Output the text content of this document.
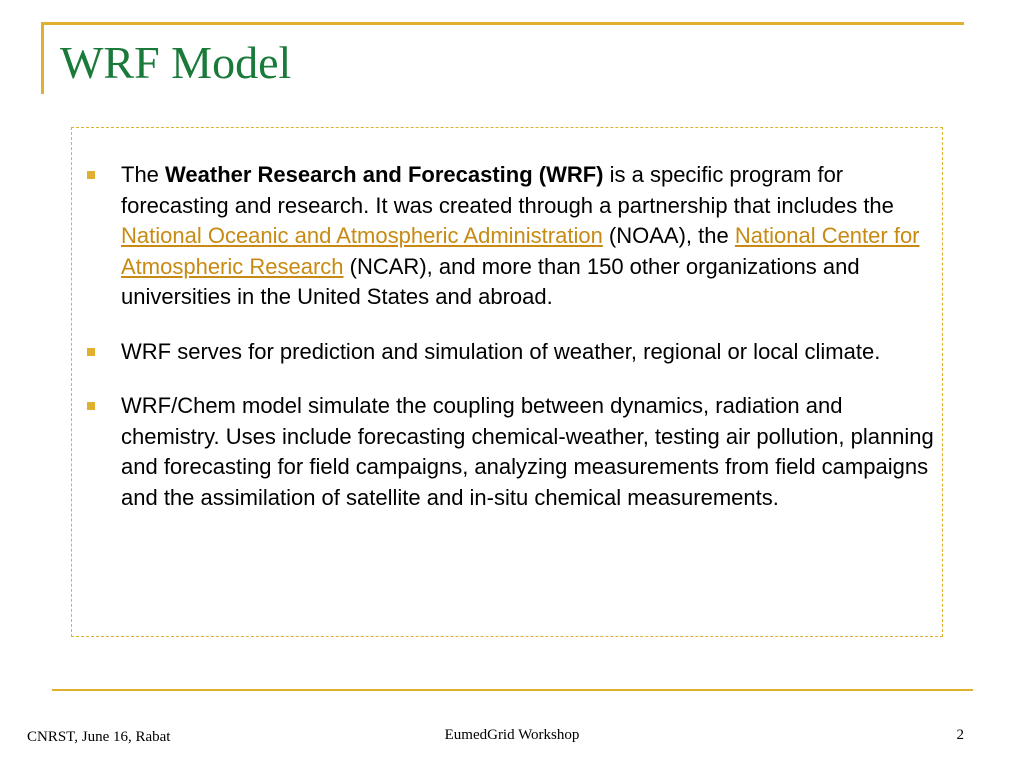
WRF Model
The Weather Research and Forecasting (WRF) is a specific program for forecasting and research. It was created through a partnership that includes the National Oceanic and Atmospheric Administration (NOAA), the National Center for Atmospheric Research (NCAR), and more than 150 other organizations and universities in the United States and abroad.
WRF serves for prediction and simulation of weather, regional or local climate.
WRF/Chem model simulate the coupling between dynamics, radiation and chemistry. Uses include forecasting chemical-weather, testing air pollution, planning and forecasting for field campaigns, analyzing measurements from field campaigns and the assimilation of satellite and in-situ chemical measurements.
CNRST, June 16, Rabat	EumedGrid Workshop	2
